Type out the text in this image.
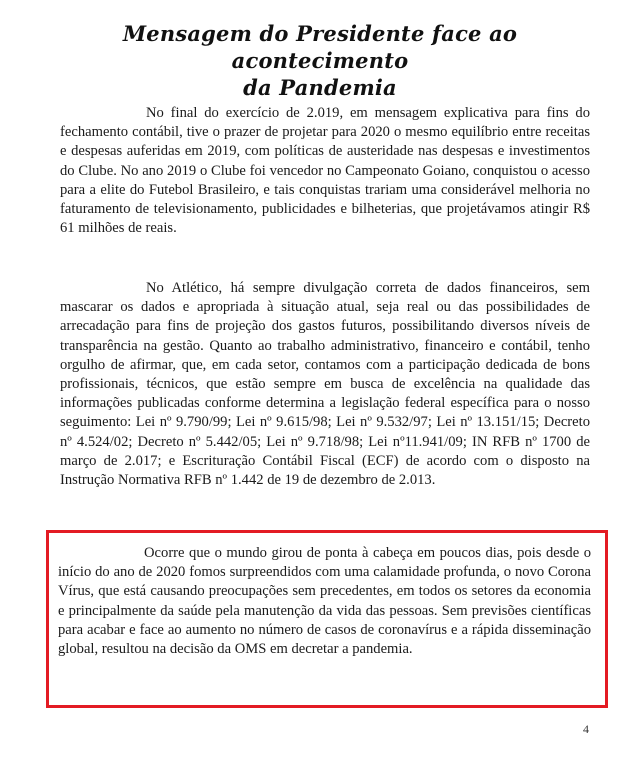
Mensagem do Presidente face ao acontecimento
da Pandemia

No final do exercício de 2.019, em mensagem explicativa para fins do fechamento contábil, tive o prazer de projetar para 2020 o mesmo equilíbrio entre receitas e despesas auferidas em 2019, com políticas de austeridade nas despesas e investimentos do Clube. No ano 2019 o Clube foi vencedor no Campeonato Goiano, conquistou o acesso para a elite do Futebol Brasileiro, e tais conquistas trariam uma considerável melhoria no faturamento de televisionamento, publicidades e bilheterias, que projetávamos atingir R$ 61 milhões de reais.

No Atlético, há sempre divulgação correta de dados financeiros, sem mascarar os dados e apropriada à situação atual, seja real ou das possibilidades de arrecadação para fins de projeção dos gastos futuros, possibilitando diversos níveis de transparência na gestão. Quanto ao trabalho administrativo, financeiro e contábil, tenho orgulho de afirmar, que, em cada setor, contamos com a participação dedicada de bons profissionais, técnicos, que estão sempre em busca de excelência na qualidade das informações publicadas conforme determina a legislação federal específica para o nosso seguimento: Lei nº 9.790/99; Lei nº 9.615/98; Lei nº 9.532/97; Lei nº 13.151/15; Decreto nº 4.524/02; Decreto nº 5.442/05; Lei nº 9.718/98; Lei nº11.941/09; IN RFB nº 1700 de março de 2.017; e Escrituração Contábil Fiscal (ECF) de acordo com o disposto na Instrução Normativa RFB nº 1.442 de 19 de dezembro de 2.013.

Ocorre que o mundo girou de ponta à cabeça em poucos dias, pois desde o início do ano de 2020 fomos surpreendidos com uma calamidade profunda, o novo Corona Vírus, que está causando preocupações sem precedentes, em todos os setores da economia e principalmente da saúde pela manutenção da vida das pessoas. Sem previsões científicas para acabar e face ao aumento no número de casos de coronavírus e a rápida disseminação global, resultou na decisão da OMS em decretar a pandemia.

4
